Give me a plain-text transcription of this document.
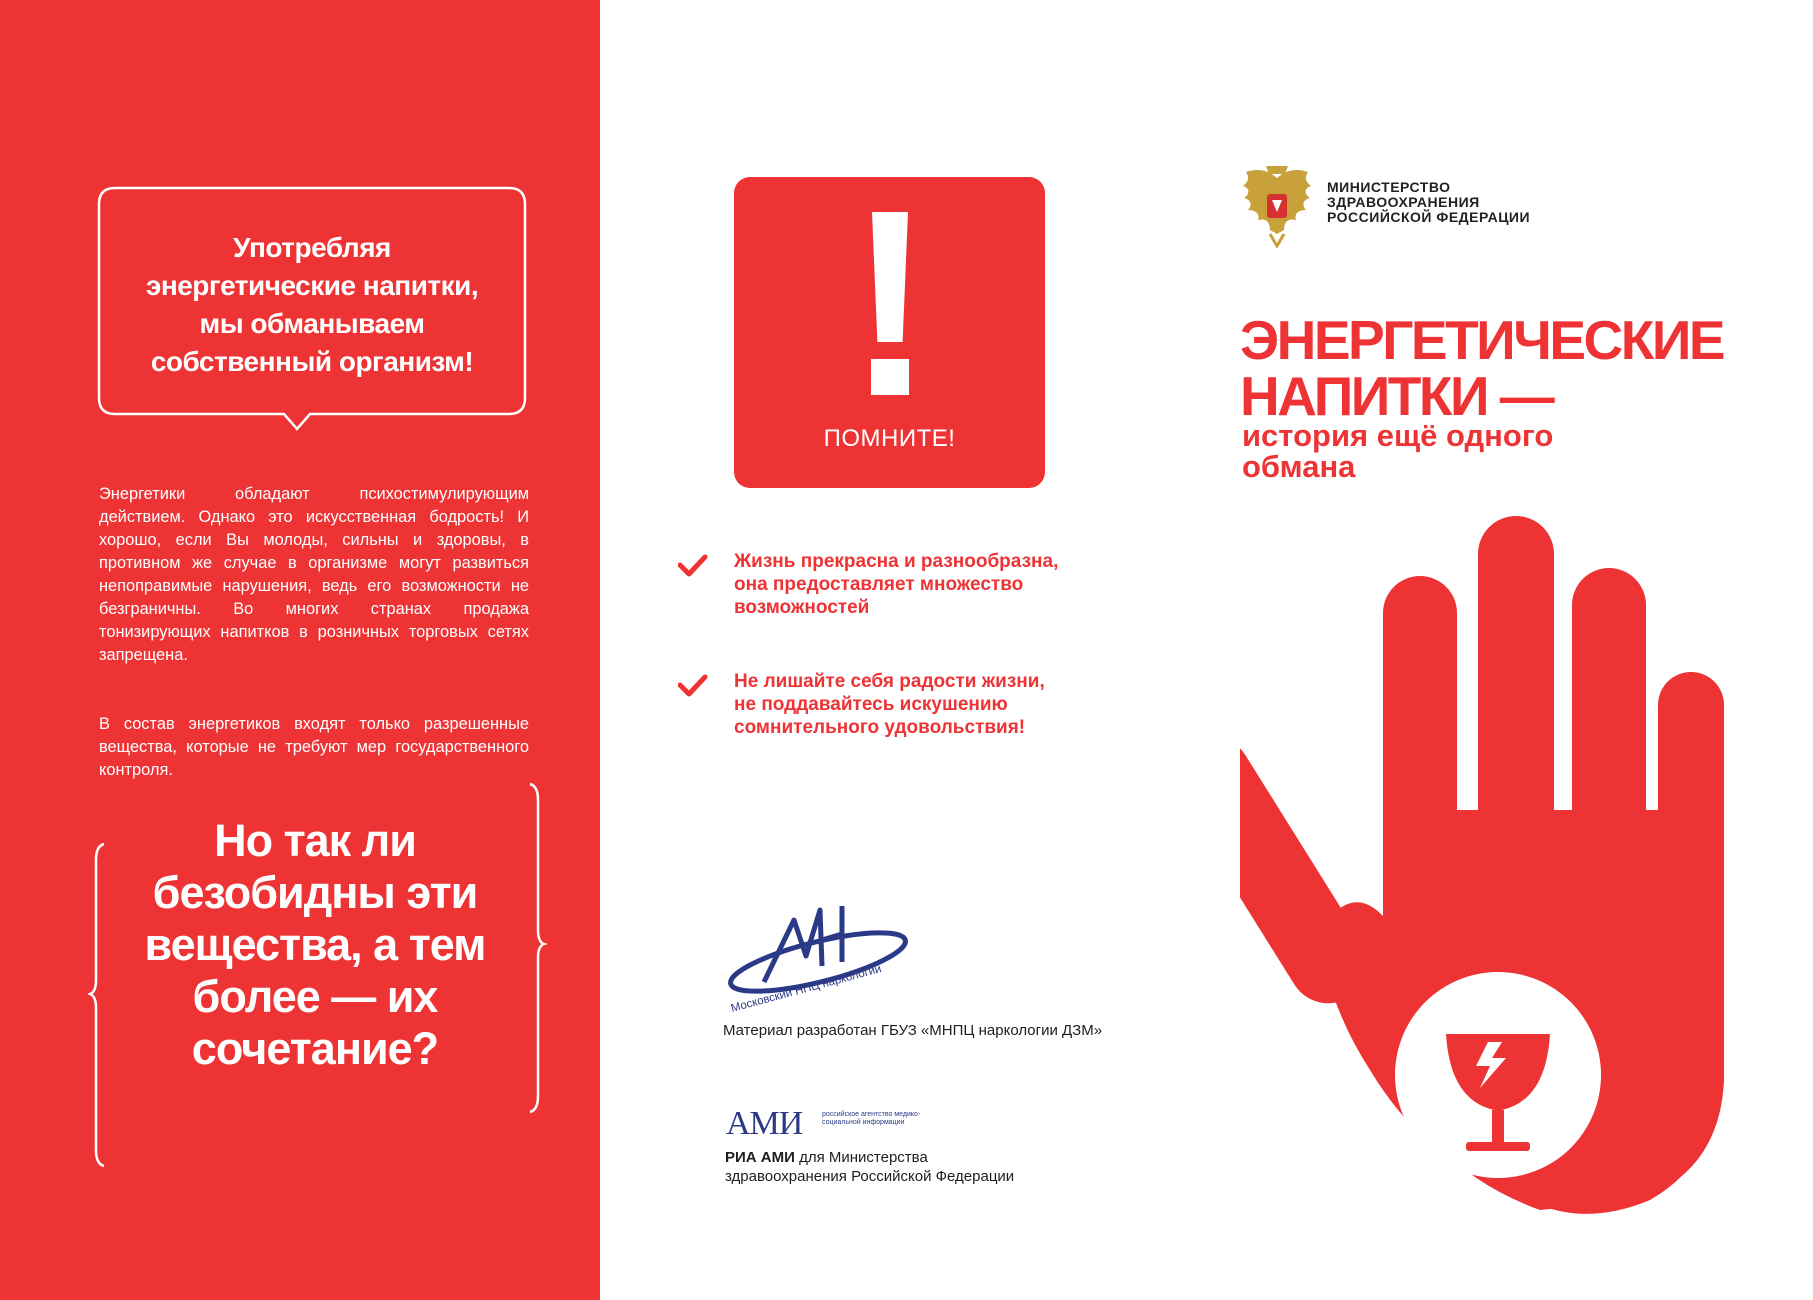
Употребляя
энергетические напитки,
мы обманываем
собственный организм!

Энергетики обладают психостимулирующим действием. Однако это искусственная бодрость! И хорошо, если Вы молоды, сильны и здоровы, в противном же случае в организме могут развиться непоправимые нарушения, ведь его возможности не безграничны. Во многих странах продажа тонизирующих напитков в розничных торговых сетях запрещена.

В состав энергетиков входят только разрешенные вещества, которые не требуют мер государственного контроля.

Но так ли
безобидны эти
вещества, а тем
более — их
сочетание?
ПОМНИТЕ!
Жизнь прекрасна и разнообразна,
она предоставляет множество
возможностей
Не лишайте себя радости жизни,
не поддавайтесь искушению
сомнительного удовольствия!
Московский НПЦ наркологии
Материал разработан ГБУЗ «МНПЦ наркологии ДЗМ»
АМИ	российское агентство медико-социальной информации
РИА АМИ для Министерства
здравоохранения Российской Федерации
МИНИСТЕРСТВО
ЗДРАВООХРАНЕНИЯ
РОССИЙСКОЙ ФЕДЕРАЦИИ
ЭНЕРГЕТИЧЕСКИЕ
НАПИТКИ —
история ещё одного
обмана
